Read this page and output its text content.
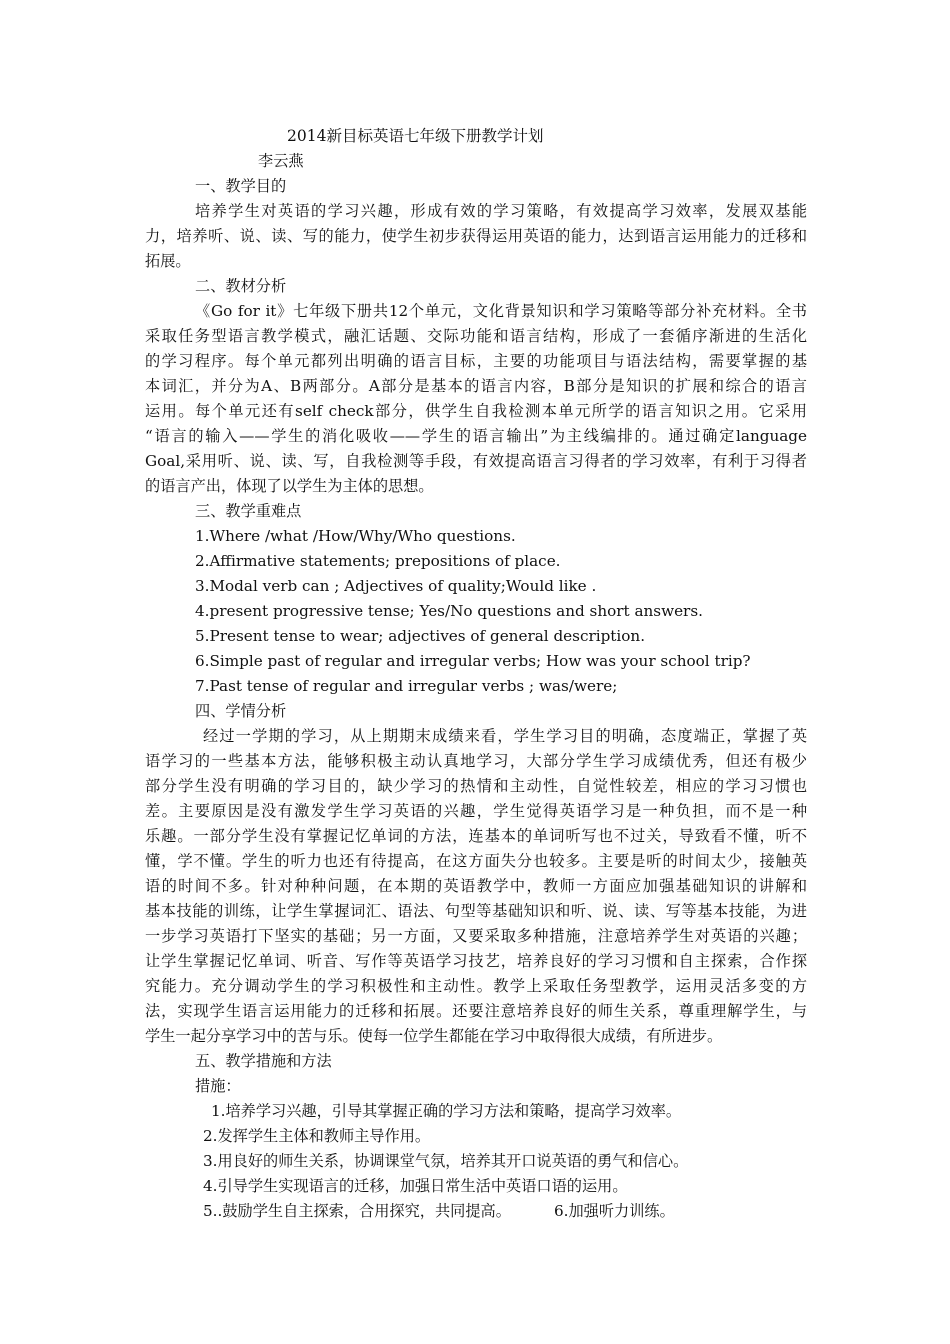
2014新目标英语七年级下册教学计划
李云燕
一、教学目的
培养学生对英语的学习兴趣，形成有效的学习策略，有效提高学习效率，发展双基能
力，培养听、说、读、写的能力，使学生初步获得运用英语的能力，达到语言运用能力的迁移和
拓展。
二、教材分析
《Go for it》七年级下册共12个单元，文化背景知识和学习策略等部分补充材料。全书
采取任务型语言教学模式，融汇话题、交际功能和语言结构，形成了一套循序渐进的生活化
的学习程序。每个单元都列出明确的语言目标，主要的功能项目与语法结构，需要掌握的基
本词汇，并分为A、B两部分。A部分是基本的语言内容，B部分是知识的扩展和综合的语言
运用。每个单元还有self check部分，供学生自我检测本单元所学的语言知识之用。它采用
“语言的输入——学生的消化吸收——学生的语言输出”为主线编排的。通过确定language
Goal,采用听、说、读、写，自我检测等手段，有效提高语言习得者的学习效率，有利于习得者
的语言产出，体现了以学生为主体的思想。
三、教学重难点
1.Where /what /How/Why/Who questions.
2.Affirmative statements; prepositions of place.
3.Modal verb can ; Adjectives of quality;Would like .
4.present progressive tense; Yes/No questions and short answers.
5.Present tense to wear; adjectives of general description.
6.Simple past of regular and irregular verbs; How was your school trip?
7.Past tense of regular and irregular verbs ; was/were;
四、学情分析
经过一学期的学习，从上期期末成绩来看，学生学习目的明确，态度端正，掌握了英
语学习的一些基本方法，能够积极主动认真地学习，大部分学生学习成绩优秀，但还有极少
部分学生没有明确的学习目的，缺少学习的热情和主动性，自觉性较差，相应的学习习惯也
差。主要原因是没有激发学生学习英语的兴趣，学生觉得英语学习是一种负担，而不是一种
乐趣。一部分学生没有掌握记忆单词的方法，连基本的单词听写也不过关，导致看不懂，听不
懂，学不懂。学生的听力也还有待提高，在这方面失分也较多。主要是听的时间太少，接触英
语的时间不多。针对种种问题，在本期的英语教学中，教师一方面应加强基础知识的讲解和
基本技能的训练，让学生掌握词汇、语法、句型等基础知识和听、说、读、写等基本技能，为进
一步学习英语打下坚实的基础；另一方面，又要采取多种措施，注意培养学生对英语的兴趣；
让学生掌握记忆单词、听音、写作等英语学习技艺，培养良好的学习习惯和自主探索，合作探
究能力。充分调动学生的学习积极性和主动性。教学上采取任务型教学，运用灵活多变的方
法，实现学生语言运用能力的迁移和拓展。还要注意培养良好的师生关系，尊重理解学生，与
学生一起分享学习中的苦与乐。使每一位学生都能在学习中取得很大成绩，有所进步。
五、教学措施和方法
措施：
1.培养学习兴趣，引导其掌握正确的学习方法和策略，提高学习效率。
2.发挥学生主体和教师主导作用。
3.用良好的师生关系，协调课堂气氛，培养其开口说英语的勇气和信心。
4.引导学生实现语言的迁移，加强日常生活中英语口语的运用。
5..鼓励学生自主探索，合用探究，共同提高。	6.加强听力训练。
